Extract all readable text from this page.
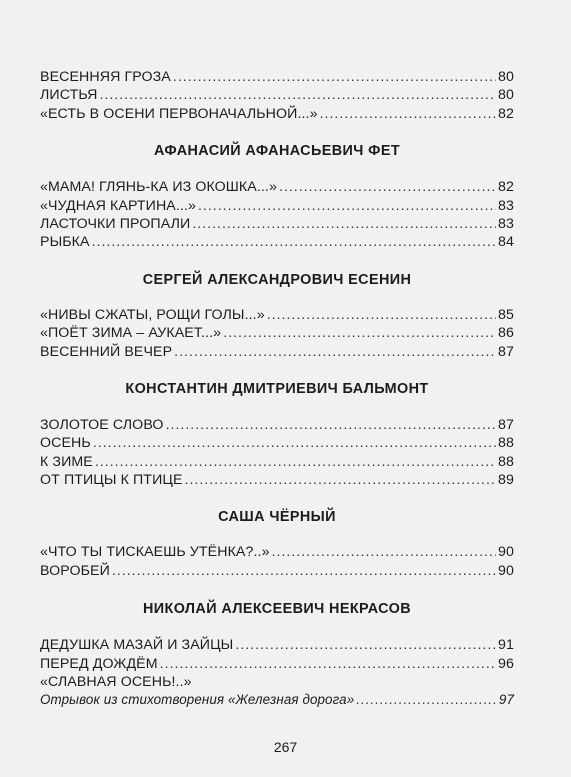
ВЕСЕННЯЯ ГРОЗА .....	80
ЛИСТЬЯ .....	80
«ЕСТЬ В ОСЕНИ ПЕРВОНАЧАЛЬНОЙ...» .....	82
АФАНАСИЙ АФАНАСЬЕВИЧ ФЕТ
«МАМА! ГЛЯНЬ-КА ИЗ ОКОШКА...» .....	82
«ЧУДНАЯ КАРТИНА...» .....	83
ЛАСТОЧКИ ПРОПАЛИ .....	83
РЫБКА .....	84
СЕРГЕЙ АЛЕКСАНДРОВИЧ ЕСЕНИН
«НИВЫ СЖАТЫ, РОЩИ ГОЛЫ...» .....	85
«ПОЁТ ЗИМА – АУКАЕТ...» .....	86
ВЕСЕННИЙ ВЕЧЕР .....	87
КОНСТАНТИН ДМИТРИЕВИЧ БАЛЬМОНТ
ЗОЛОТОЕ СЛОВО .....	87
ОСЕНЬ .....	88
К ЗИМЕ .....	88
ОТ ПТИЦЫ К ПТИЦЕ .....	89
САША ЧЁРНЫЙ
«ЧТО ТЫ ТИСКАЕШЬ УТЁНКА?..» .....	90
ВОРОБЕЙ .....	90
НИКОЛАЙ АЛЕКСЕЕВИЧ НЕКРАСОВ
ДЕДУШКА МАЗАЙ И ЗАЙЦЫ .....	91
ПЕРЕД ДОЖДЁМ .....	96
«СЛАВНАЯ ОСЕНЬ!..»
Отрывок из стихотворения «Железная дорога» .....	97
267
